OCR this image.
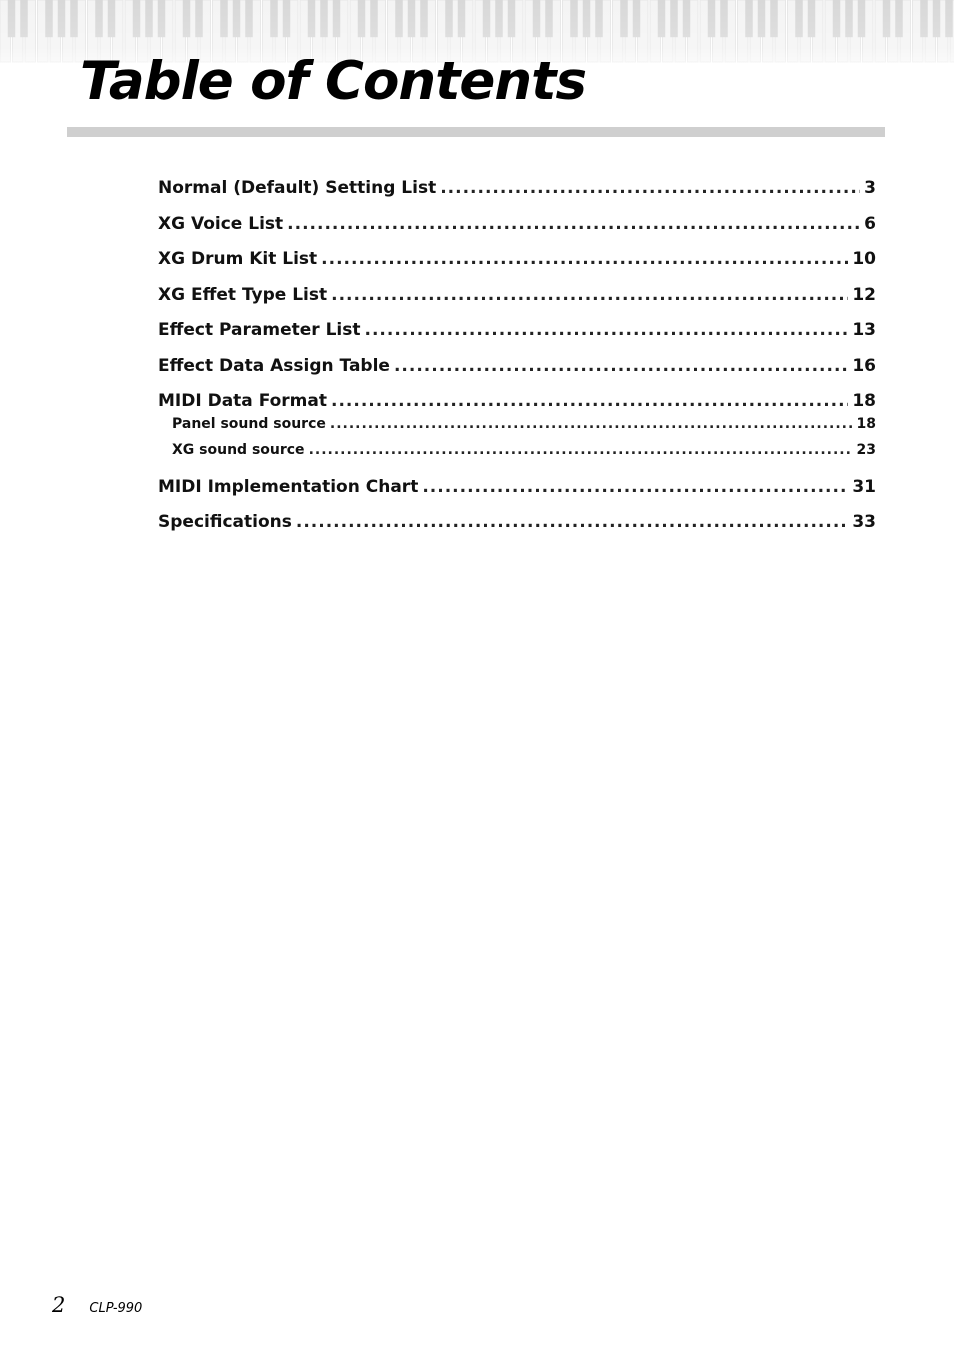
Table of Contents
Normal (Default) Setting List .....	3
XG Voice List .....	6
XG Drum Kit List .....	10
XG Effet Type List .....	12
Effect Parameter List .....	13
Effect Data Assign Table .....	16
MIDI Data Format .....	18
Panel sound source .....	18
XG sound source .....	23
MIDI Implementation Chart .....	31
Specifications .....	33
2 CLP-990
